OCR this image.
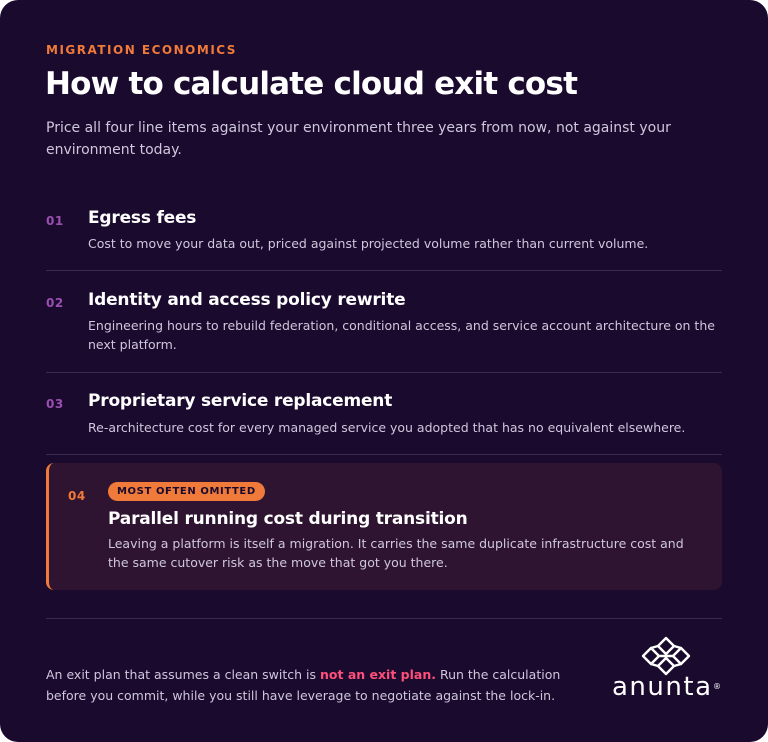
MIGRATION ECONOMICS
How to calculate cloud exit cost
Price all four line items against your environment three years from now, not against your environment today.
01 Egress fees
Cost to move your data out, priced against projected volume rather than current volume.
02 Identity and access policy rewrite
Engineering hours to rebuild federation, conditional access, and service account architecture on the next platform.
03 Proprietary service replacement
Re-architecture cost for every managed service you adopted that has no equivalent elsewhere.
04	MOST OFTEN OMITTED
Parallel running cost during transition
Leaving a platform is itself a migration. It carries the same duplicate infrastructure cost and the same cutover risk as the move that got you there.
An exit plan that assumes a clean switch is not an exit plan. Run the calculation before you commit, while you still have leverage to negotiate against the lock-in.	anunta ®
